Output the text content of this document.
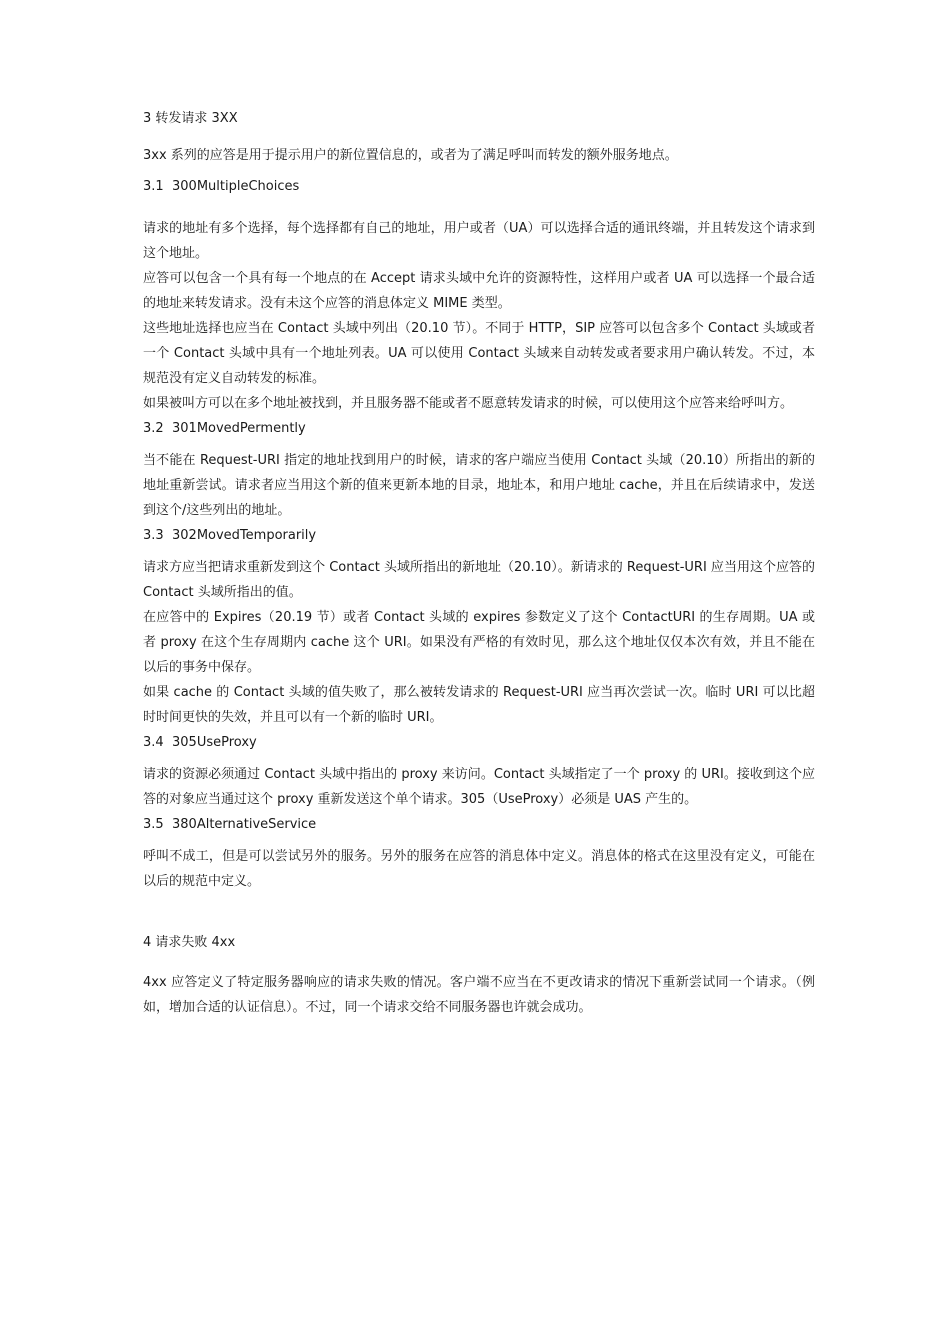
3 转发请求 3XX
3xx 系列的应答是用于提示用户的新位置信息的，或者为了满足呼叫而转发的额外服务地点。
3.1 300MultipleChoices

请求的地址有多个选择，每个选择都有自己的地址，用户或者（UA）可以选择合适的通讯终端，并且转发这个请求到这个地址。

应答可以包含一个具有每一个地点的在 Accept 请求头域中允许的资源特性，这样用户或者 UA 可以选择一个最合适的地址来转发请求。没有未这个应答的消息体定义 MIME 类型。

这些地址选择也应当在 Contact 头域中列出（20.10 节）。不同于 HTTP，SIP 应答可以包含多个 Contact 头域或者一个 Contact 头域中具有一个地址列表。UA 可以使用 Contact 头域来自动转发或者要求用户确认转发。不过，本规范没有定义自动转发的标准。

如果被叫方可以在多个地址被找到，并且服务器不能或者不愿意转发请求的时候，可以使用这个应答来给呼叫方。

3.2 301MovedPermently

当不能在 Request-URI 指定的地址找到用户的时候，请求的客户端应当使用 Contact 头域（20.10）所指出的新的地址重新尝试。请求者应当用这个新的值来更新本地的目录，地址本，和用户地址 cache，并且在后续请求中，发送到这个/这些列出的地址。

3.3 302MovedTemporarily

请求方应当把请求重新发到这个 Contact 头域所指出的新地址（20.10）。新请求的 Request-URI 应当用这个应答的 Contact 头域所指出的值。

在应答中的 Expires（20.19 节）或者 Contact 头域的 expires 参数定义了这个 ContactURI 的生存周期。UA 或者 proxy 在这个生存周期内 cache 这个 URI。如果没有严格的有效时见，那么这个地址仅仅本次有效，并且不能在以后的事务中保存。

如果 cache 的 Contact 头域的值失败了，那么被转发请求的 Request-URI 应当再次尝试一次。临时 URI 可以比超时时间更快的失效，并且可以有一个新的临时 URI。

3.4 305UseProxy

请求的资源必须通过 Contact 头域中指出的 proxy 来访问。Contact 头域指定了一个 proxy 的 URI。接收到这个应答的对象应当通过这个 proxy 重新发送这个单个请求。305（UseProxy）必须是 UAS 产生的。

3.5 380AlternativeService

呼叫不成工，但是可以尝试另外的服务。另外的服务在应答的消息体中定义。消息体的格式在这里没有定义，可能在以后的规范中定义。

4 请求失败 4xx

4xx 应答定义了特定服务器响应的请求失败的情况。客户端不应当在不更改请求的情况下重新尝试同一个请求。（例如，增加合适的认证信息）。不过，同一个请求交给不同服务器也许就会成功。
